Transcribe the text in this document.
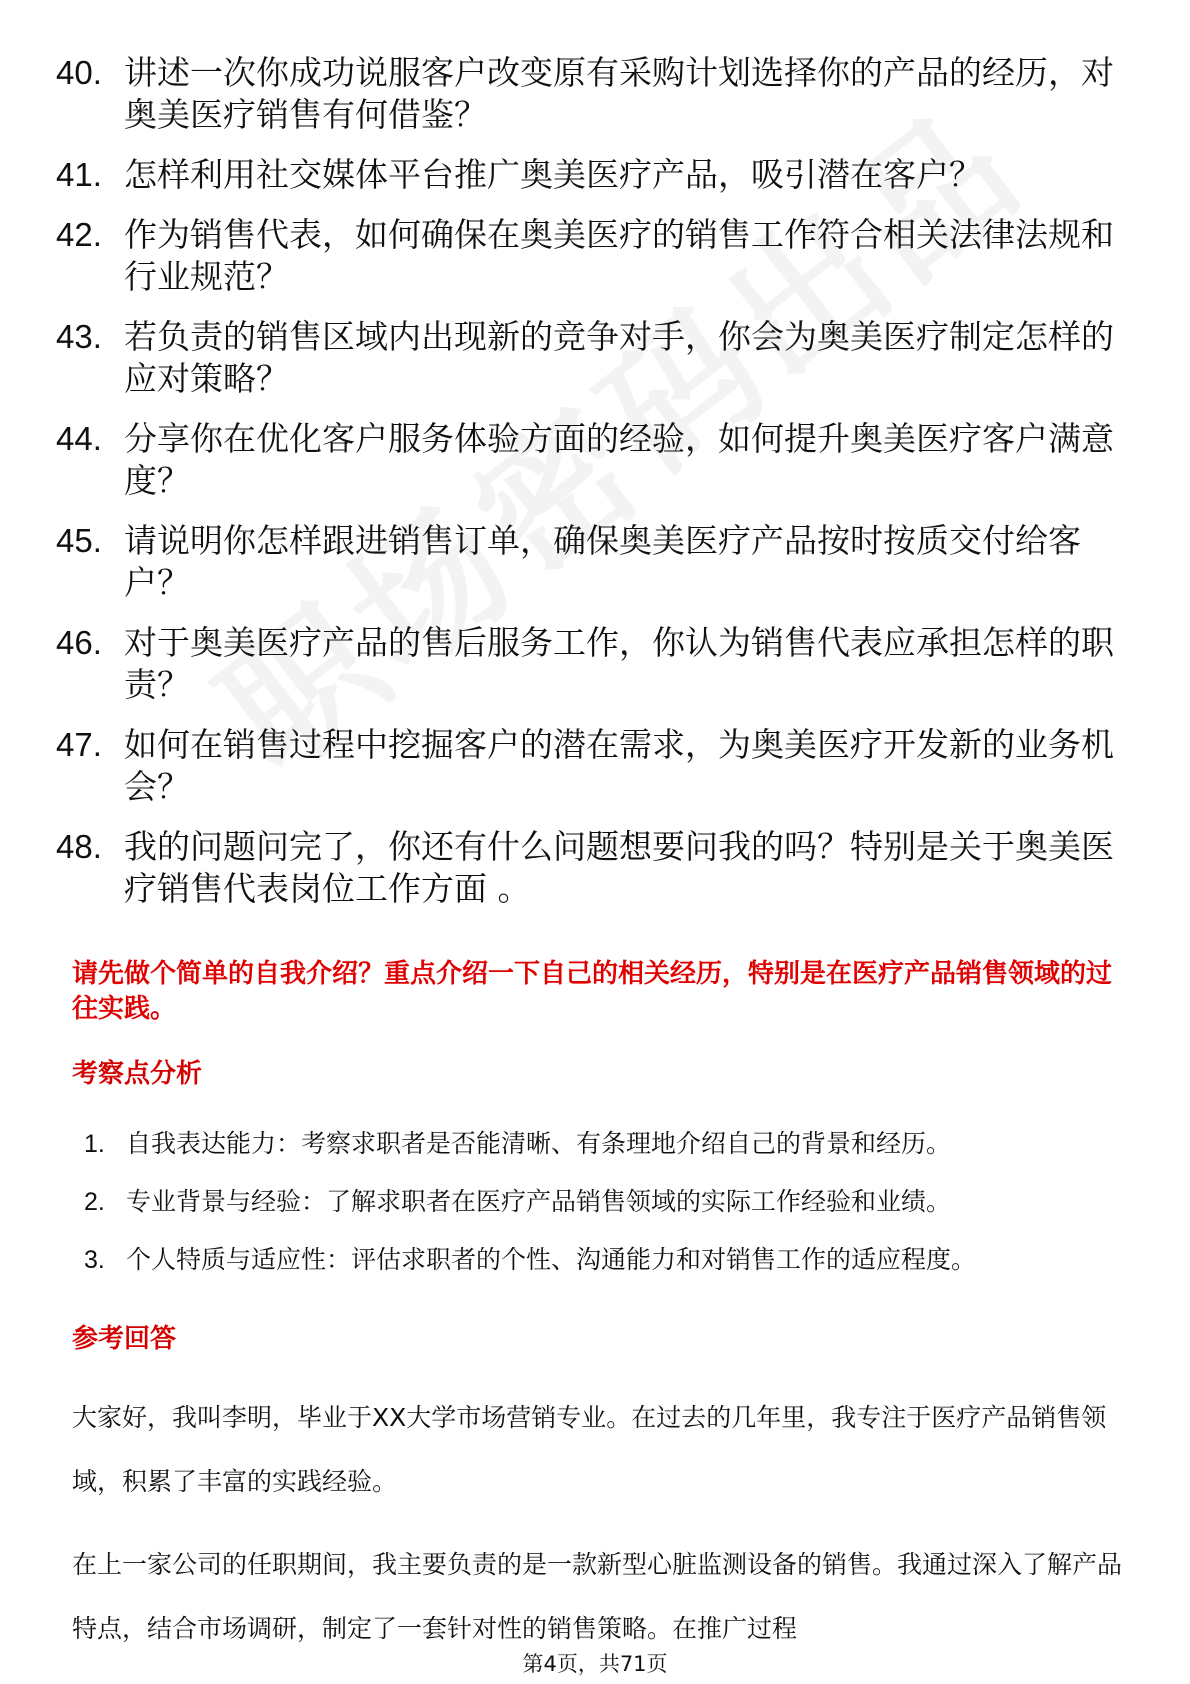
40. 讲述一次你成功说服客户改变原有采购计划选择你的产品的经历，对奥美医疗销售有何借鉴？
41. 怎样利用社交媒体平台推广奥美医疗产品，吸引潜在客户？
42. 作为销售代表，如何确保在奥美医疗的销售工作符合相关法律法规和行业规范？
43. 若负责的销售区域内出现新的竞争对手，你会为奥美医疗制定怎样的应对策略？
44. 分享你在优化客户服务体验方面的经验，如何提升奥美医疗客户满意度？
45. 请说明你怎样跟进销售订单，确保奥美医疗产品按时按质交付给客户？
46. 对于奥美医疗产品的售后服务工作，你认为销售代表应承担怎样的职责？
47. 如何在销售过程中挖掘客户的潜在需求，为奥美医疗开发新的业务机会？
48. 我的问题问完了，你还有什么问题想要问我的吗？特别是关于奥美医疗销售代表岗位工作方面 。

请先做个简单的自我介绍？重点介绍一下自己的相关经历，特别是在医疗产品销售领域的过往实践。

考察点分析
1. 自我表达能力：考察求职者是否能清晰、有条理地介绍自己的背景和经历。
2. 专业背景与经验：了解求职者在医疗产品销售领域的实际工作经验和业绩。
3. 个人特质与适应性：评估求职者的个性、沟通能力和对销售工作的适应程度。
参考回答

大家好，我叫李明，毕业于XX大学市场营销专业。在过去的几年里，我专注于医疗产品销售领域，积累了丰富的实践经验。

在上一家公司的任职期间，我主要负责的是一款新型心脏监测设备的销售。我通过深入了解产品特点，结合市场调研，制定了一套针对性的销售策略。在推广过程

第4页，共71页
